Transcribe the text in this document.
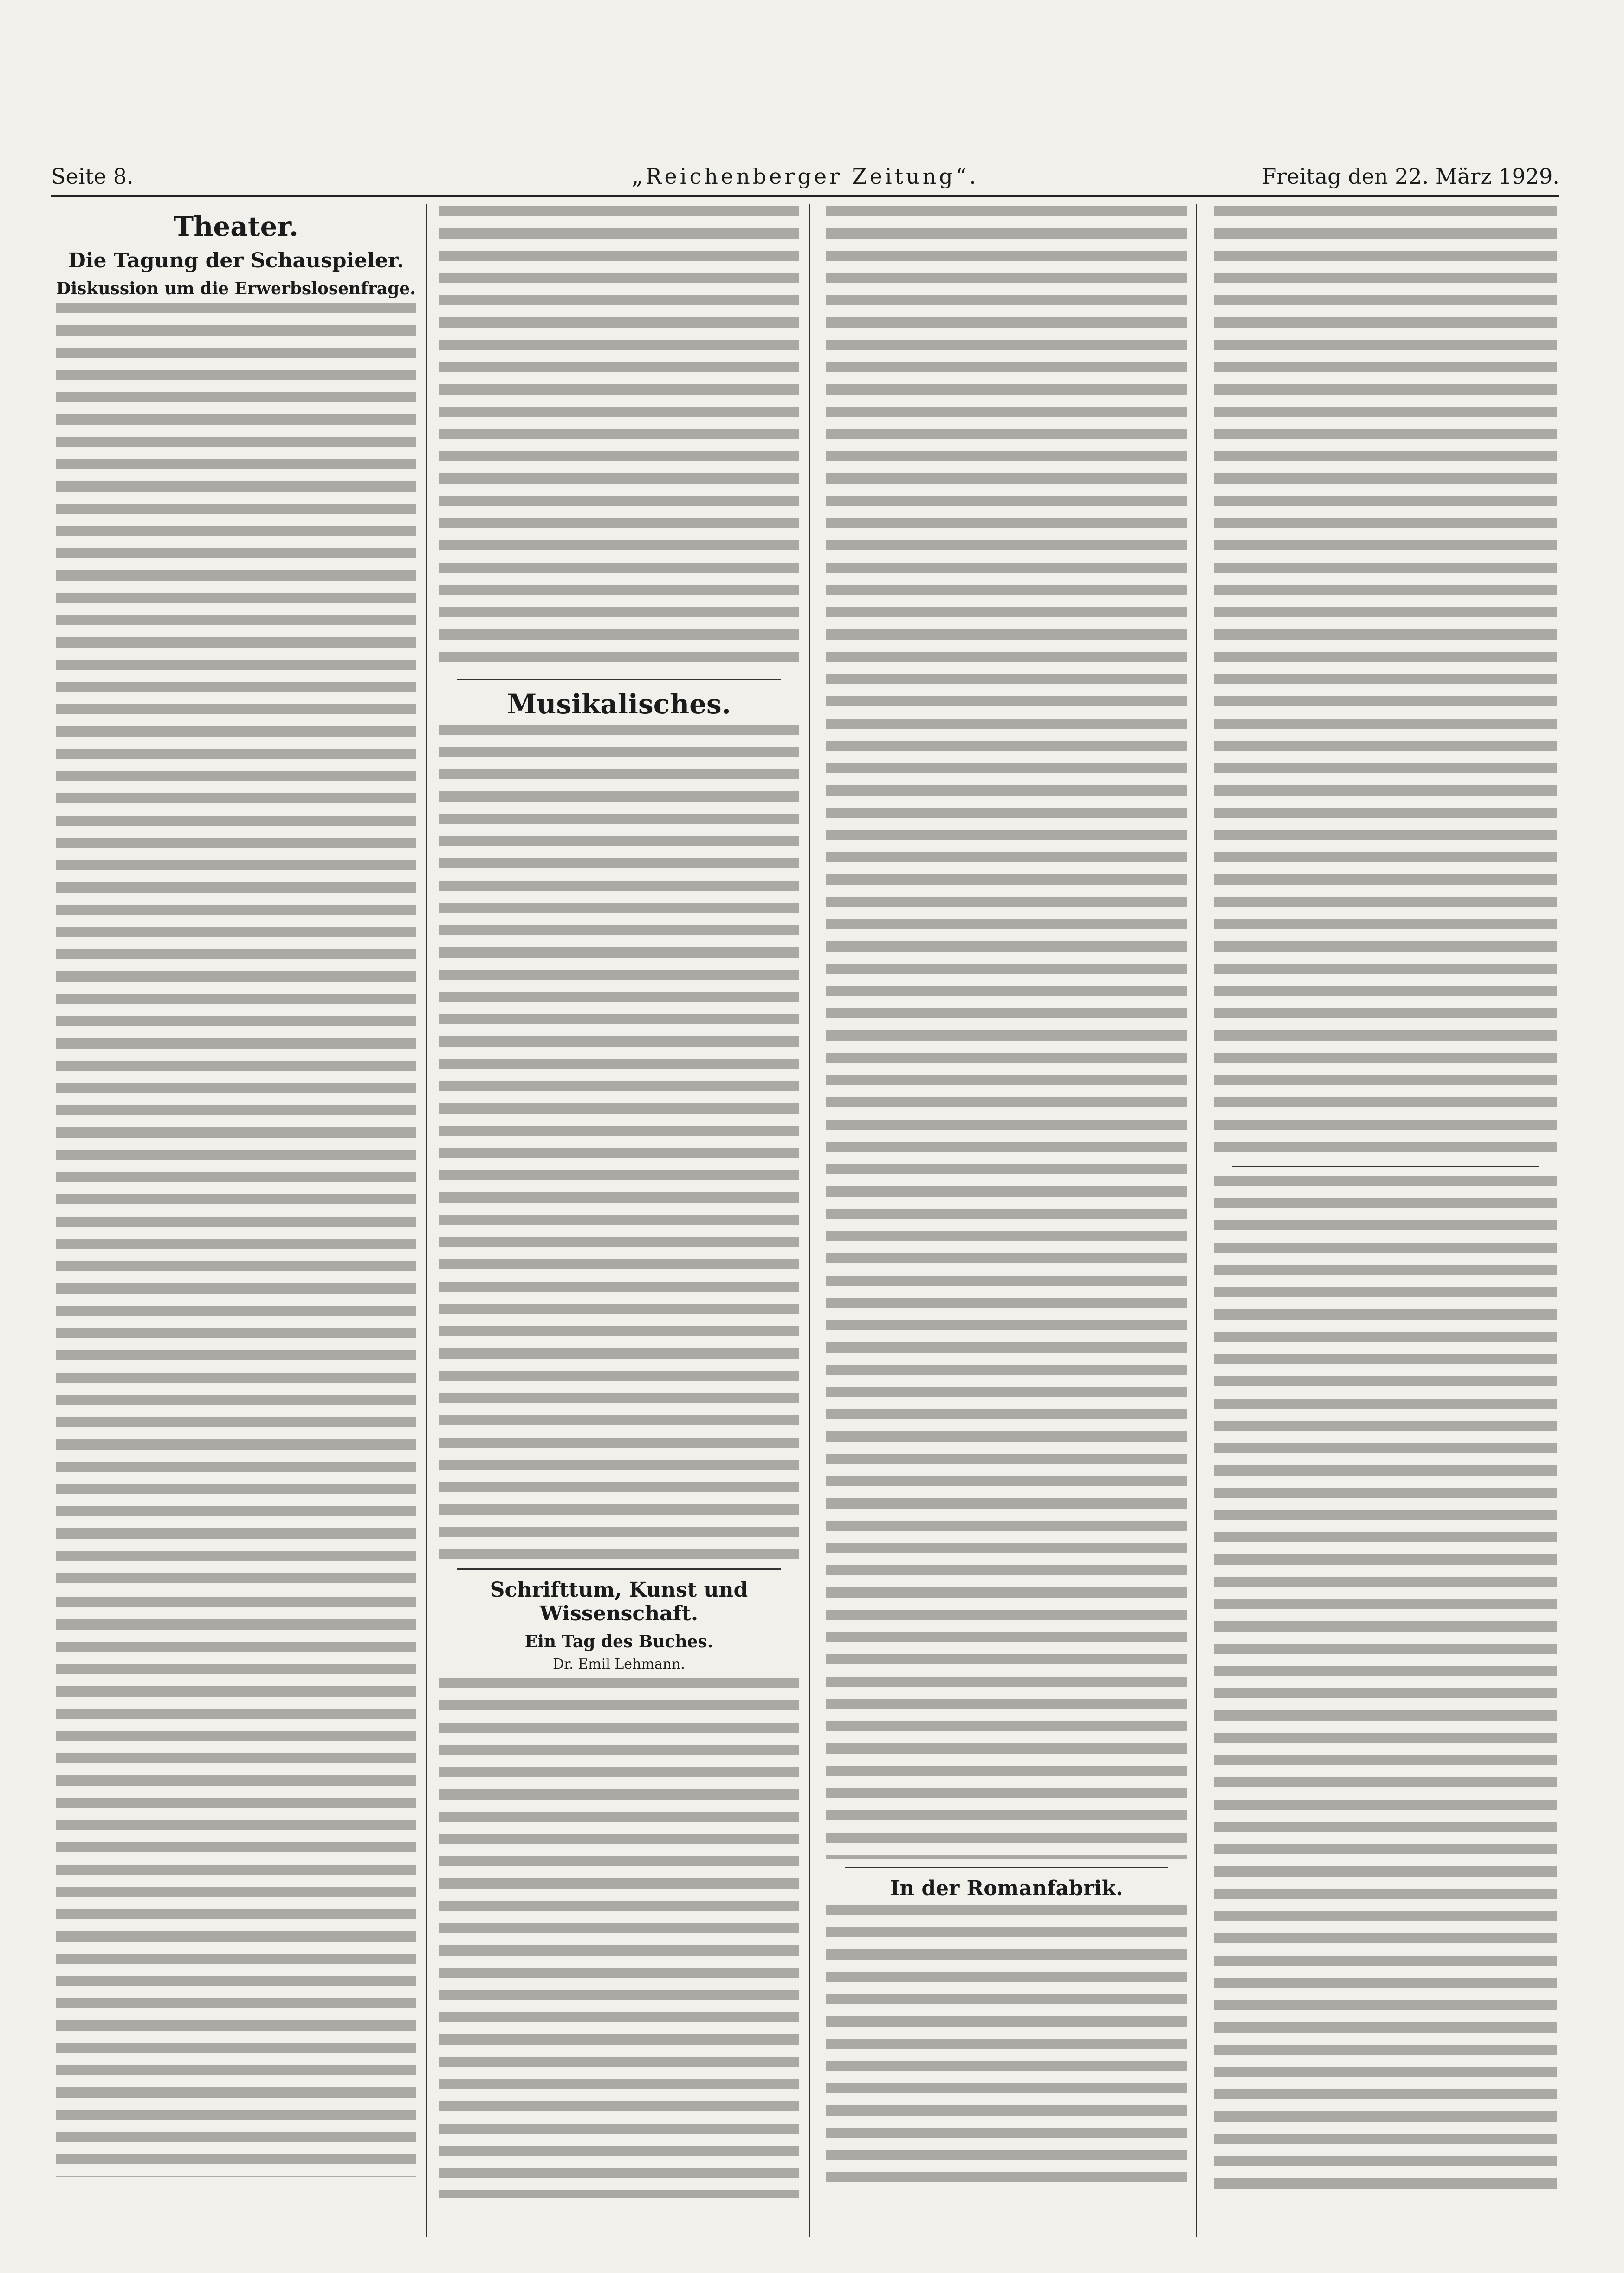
Seite 8.	„Reichenberger Zeitung“.	Freitag den 22. März 1929.
Theater.
Die Tagung der Schauspieler.
Diskussion um die Erwerbslosenfrage.
Musikalisches.
Schrifttum, Kunst und Wissenschaft.
Ein Tag des Buches.
Dr. Emil Lehmann.
In der Romanfabrik.
